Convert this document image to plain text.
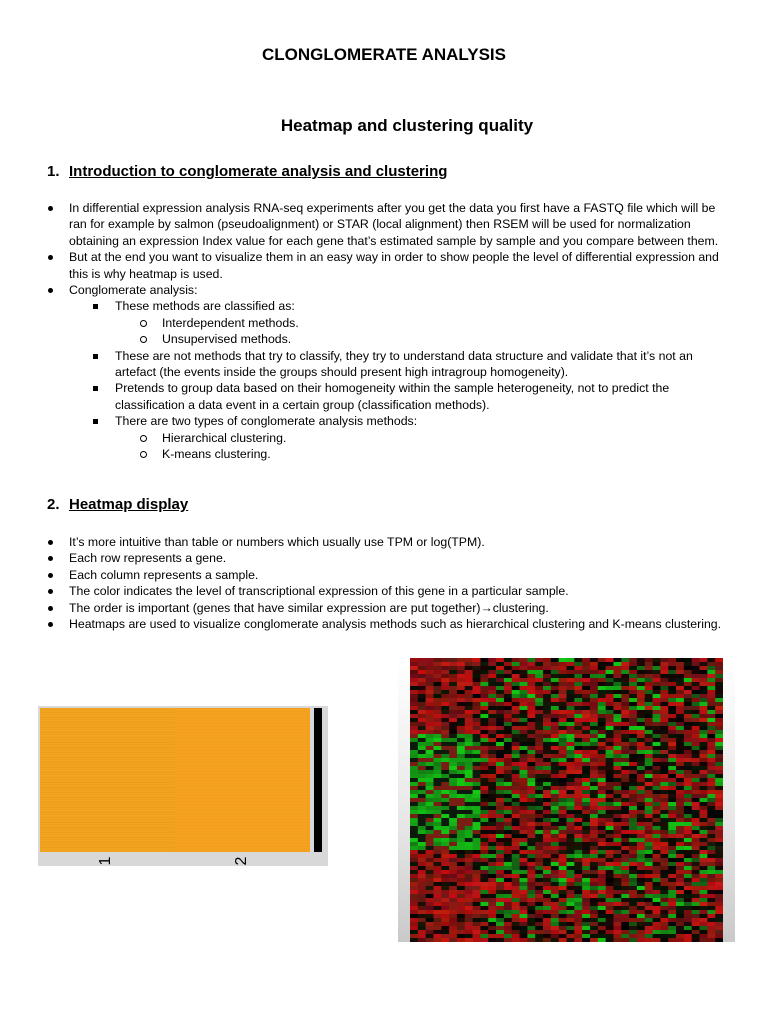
CLONGLOMERATE ANALYSIS
Heatmap and clustering quality
1. Introduction to conglomerate analysis and clustering
In differential expression analysis RNA-seq experiments after you get the data you first have a FASTQ file which will be ran for example by salmon (pseudoalignment) or STAR (local alignment) then RSEM will be used for normalization obtaining an expression Index value for each gene that’s estimated sample by sample and you compare between them.
But at the end you want to visualize them in an easy way in order to show people the level of differential expression and this is why heatmap is used.
Conglomerate analysis:
These methods are classified as:
Interdependent methods.
Unsupervised methods.
These are not methods that try to classify, they try to understand data structure and validate that it’s not an artefact (the events inside the groups should present high intragroup homogeneity).
Pretends to group data based on their homogeneity within the sample heterogeneity, not to predict the classification a data event in a certain group (classification methods).
There are two types of conglomerate analysis methods:
Hierarchical clustering.
K-means clustering.
2. Heatmap display
It’s more intuitive than table or numbers which usually use TPM or log(TPM).
Each row represents a gene.
Each column represents a sample.
The color indicates the level of transcriptional expression of this gene in a particular sample.
The order is important (genes that have similar expression are put together)→clustering.
Heatmaps are used to visualize conglomerate analysis methods such as hierarchical clustering and K-means clustering.
1	2
